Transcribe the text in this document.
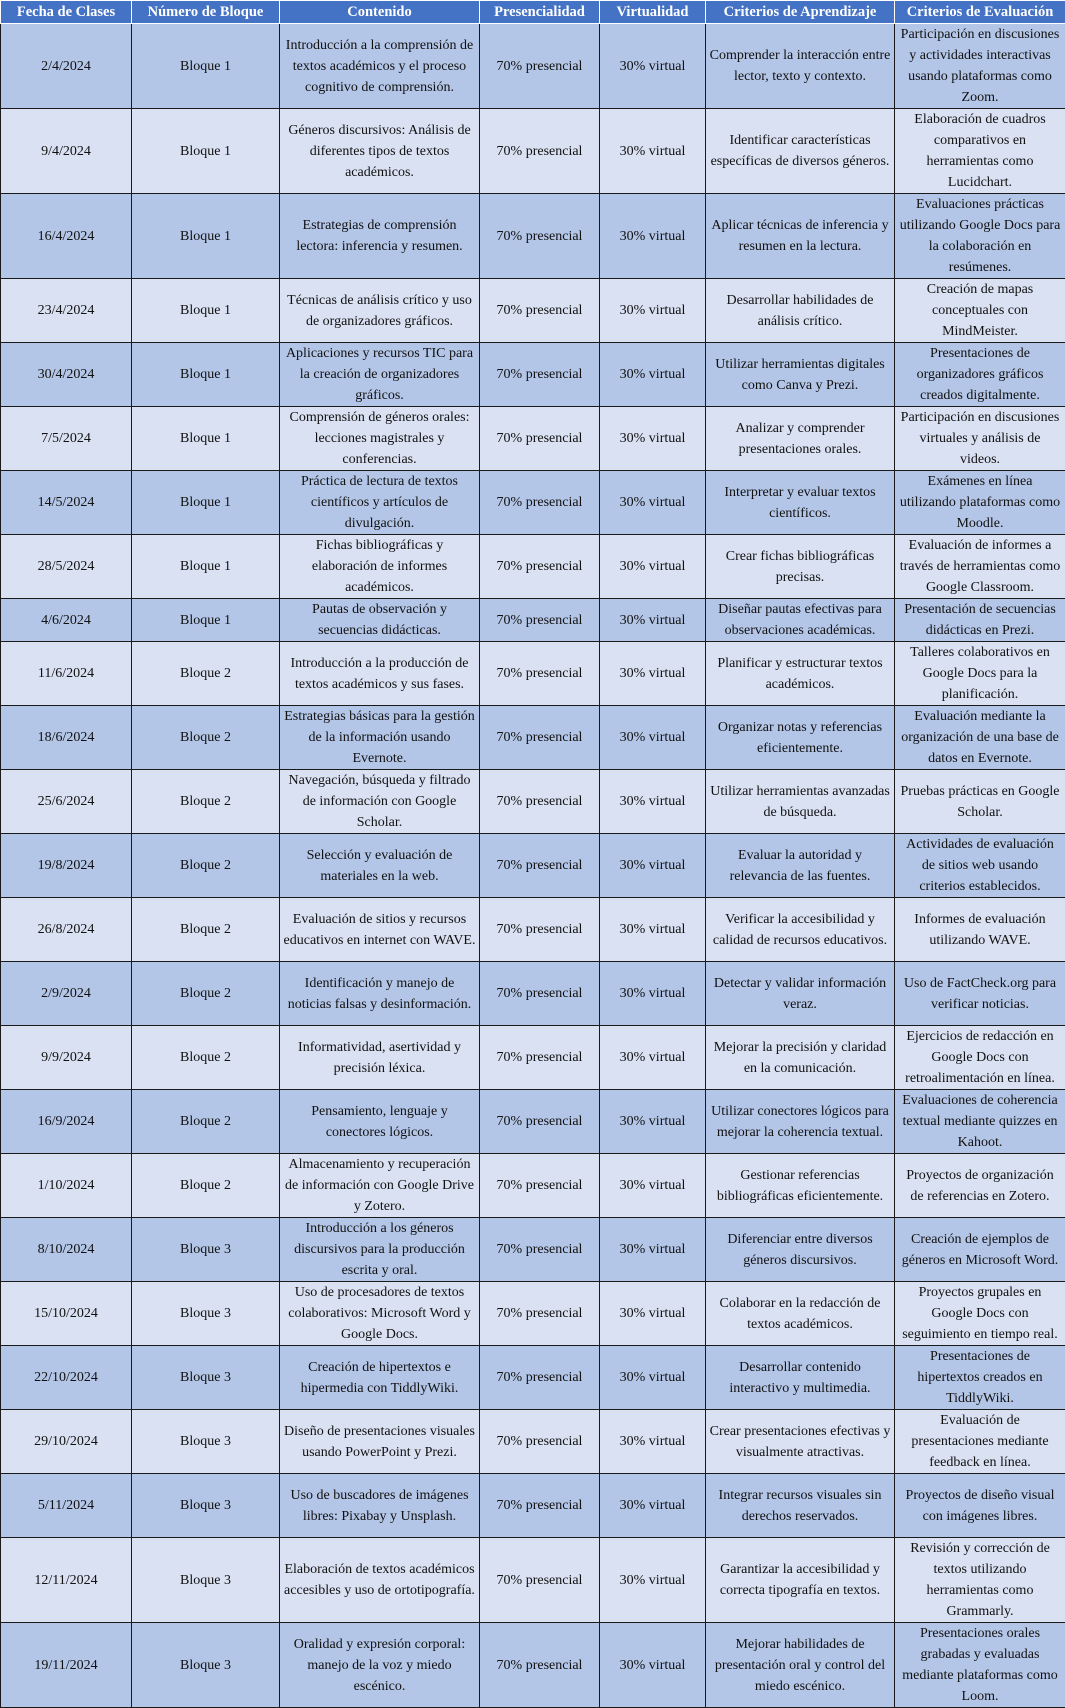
Fecha de Clases	Número de Bloque	Contenido	Presencialidad	Virtualidad	Criterios de Aprendizaje	Criterios de Evaluación
2/4/2024	Bloque 1	Introducción a la comprensión de textos académicos y el proceso cognitivo de comprensión.	70% presencial	30% virtual	Comprender la interacción entre lector, texto y contexto.	Participación en discusiones y actividades interactivas usando plataformas como Zoom.
9/4/2024	Bloque 1	Géneros discursivos: Análisis de diferentes tipos de textos académicos.	70% presencial	30% virtual	Identificar características específicas de diversos géneros.	Elaboración de cuadros comparativos en herramientas como Lucidchart.
16/4/2024	Bloque 1	Estrategias de comprensión lectora: inferencia y resumen.	70% presencial	30% virtual	Aplicar técnicas de inferencia y resumen en la lectura.	Evaluaciones prácticas utilizando Google Docs para la colaboración en resúmenes.
23/4/2024	Bloque 1	Técnicas de análisis crítico y uso de organizadores gráficos.	70% presencial	30% virtual	Desarrollar habilidades de análisis crítico.	Creación de mapas conceptuales con MindMeister.
30/4/2024	Bloque 1	Aplicaciones y recursos TIC para la creación de organizadores gráficos.	70% presencial	30% virtual	Utilizar herramientas digitales como Canva y Prezi.	Presentaciones de organizadores gráficos creados digitalmente.
7/5/2024	Bloque 1	Comprensión de géneros orales: lecciones magistrales y conferencias.	70% presencial	30% virtual	Analizar y comprender presentaciones orales.	Participación en discusiones virtuales y análisis de videos.
14/5/2024	Bloque 1	Práctica de lectura de textos científicos y artículos de divulgación.	70% presencial	30% virtual	Interpretar y evaluar textos científicos.	Exámenes en línea utilizando plataformas como Moodle.
28/5/2024	Bloque 1	Fichas bibliográficas y elaboración de informes académicos.	70% presencial	30% virtual	Crear fichas bibliográficas precisas.	Evaluación de informes a través de herramientas como Google Classroom.
4/6/2024	Bloque 1	Pautas de observación y secuencias didácticas.	70% presencial	30% virtual	Diseñar pautas efectivas para observaciones académicas.	Presentación de secuencias didácticas en Prezi.
11/6/2024	Bloque 2	Introducción a la producción de textos académicos y sus fases.	70% presencial	30% virtual	Planificar y estructurar textos académicos.	Talleres colaborativos en Google Docs para la planificación.
18/6/2024	Bloque 2	Estrategias básicas para la gestión de la información usando Evernote.	70% presencial	30% virtual	Organizar notas y referencias eficientemente.	Evaluación mediante la organización de una base de datos en Evernote.
25/6/2024	Bloque 2	Navegación, búsqueda y filtrado de información con Google Scholar.	70% presencial	30% virtual	Utilizar herramientas avanzadas de búsqueda.	Pruebas prácticas en Google Scholar.
19/8/2024	Bloque 2	Selección y evaluación de materiales en la web.	70% presencial	30% virtual	Evaluar la autoridad y relevancia de las fuentes.	Actividades de evaluación de sitios web usando criterios establecidos.
26/8/2024	Bloque 2	Evaluación de sitios y recursos educativos en internet con WAVE.	70% presencial	30% virtual	Verificar la accesibilidad y calidad de recursos educativos.	Informes de evaluación utilizando WAVE.
2/9/2024	Bloque 2	Identificación y manejo de noticias falsas y desinformación.	70% presencial	30% virtual	Detectar y validar información veraz.	Uso de FactCheck.org para verificar noticias.
9/9/2024	Bloque 2	Informatividad, asertividad y precisión léxica.	70% presencial	30% virtual	Mejorar la precisión y claridad en la comunicación.	Ejercicios de redacción en Google Docs con retroalimentación en línea.
16/9/2024	Bloque 2	Pensamiento, lenguaje y conectores lógicos.	70% presencial	30% virtual	Utilizar conectores lógicos para mejorar la coherencia textual.	Evaluaciones de coherencia textual mediante quizzes en Kahoot.
1/10/2024	Bloque 2	Almacenamiento y recuperación de información con Google Drive y Zotero.	70% presencial	30% virtual	Gestionar referencias bibliográficas eficientemente.	Proyectos de organización de referencias en Zotero.
8/10/2024	Bloque 3	Introducción a los géneros discursivos para la producción escrita y oral.	70% presencial	30% virtual	Diferenciar entre diversos géneros discursivos.	Creación de ejemplos de géneros en Microsoft Word.
15/10/2024	Bloque 3	Uso de procesadores de textos colaborativos: Microsoft Word y Google Docs.	70% presencial	30% virtual	Colaborar en la redacción de textos académicos.	Proyectos grupales en Google Docs con seguimiento en tiempo real.
22/10/2024	Bloque 3	Creación de hipertextos e hipermedia con TiddlyWiki.	70% presencial	30% virtual	Desarrollar contenido interactivo y multimedia.	Presentaciones de hipertextos creados en TiddlyWiki.
29/10/2024	Bloque 3	Diseño de presentaciones visuales usando PowerPoint y Prezi.	70% presencial	30% virtual	Crear presentaciones efectivas y visualmente atractivas.	Evaluación de presentaciones mediante feedback en línea.
5/11/2024	Bloque 3	Uso de buscadores de imágenes libres: Pixabay y Unsplash.	70% presencial	30% virtual	Integrar recursos visuales sin derechos reservados.	Proyectos de diseño visual con imágenes libres.
12/11/2024	Bloque 3	Elaboración de textos académicos accesibles y uso de ortotipografía.	70% presencial	30% virtual	Garantizar la accesibilidad y correcta tipografía en textos.	Revisión y corrección de textos utilizando herramientas como Grammarly.
19/11/2024	Bloque 3	Oralidad y expresión corporal: manejo de la voz y miedo escénico.	70% presencial	30% virtual	Mejorar habilidades de presentación oral y control del miedo escénico.	Presentaciones orales grabadas y evaluadas mediante plataformas como Loom.
